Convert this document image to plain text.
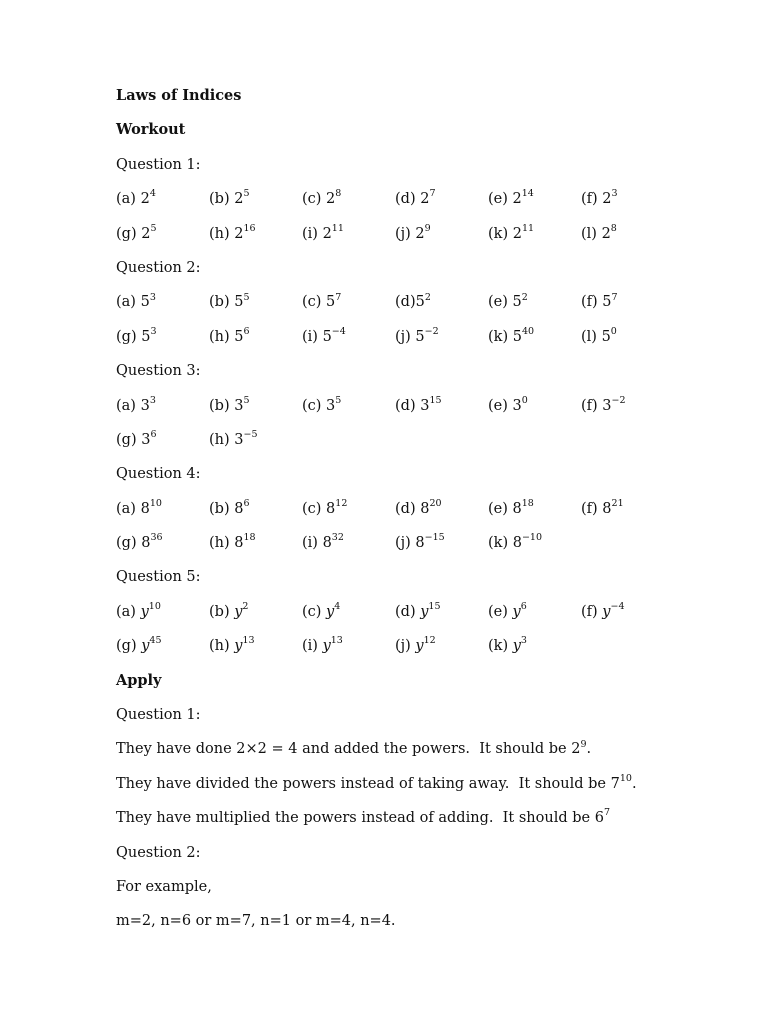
Laws of Indices
Workout
Question 1:
(a) $2^4$	(b) $2^5$	(c) $2^8$	(d) $2^7$	(e) $2^{14}$	(f) $2^3$
(g) $2^5$	(h) $2^{16}$	(i) $2^{11}$	(j) $2^9$	(k) $2^{11}$	(l) $2^8$
Question 2:
(a) $5^3$	(b) $5^5$	(c) $5^7$	$(d)5^2$	(e) $5^2$	(f) $5^7$
(g) $5^3$	(h) $5^6$	(i) $5^{-4}$	(j) $5^{-2}$	(k) $5^{40}$	(l) $5^0$
Question 3:
(a) $3^3$	(b) $3^5$	(c) $3^5$	(d) $3^{15}$	(e) $3^0$	(f) $3^{-2}$
(g) $3^6$	(h) $3^{-5}$
Question 4:
(a) $8^{10}$	(b) $8^6$	(c) $8^{12}$	(d) $8^{20}$	(e) $8^{18}$	(f) $8^{21}$
(g) $8^{36}$	(h) $8^{18}$	(i) $8^{32}$	(j) $8^{-15}$	(k) $8^{-10}$
Question 5:
(a) $y^{10}$	(b) $y^2$	(c) $y^4$	(d) $y^{15}$	(e) $y^6$	(f) $y^{-4}$
(g) $y^{45}$	(h) $y^{13}$	(i) $y^{13}$	(j) $y^{12}$	(k) $y^3$
Apply
Question 1:
They have done 2×2 = 4 and added the powers.  It should be $2^9$.
They have divided the powers instead of taking away.  It should be $7^{10}$.
They have multiplied the powers instead of adding.  It should be $6^7$
Question 2:
For example,
m=2, n=6 or m=7, n=1 or m=4, n=4.
